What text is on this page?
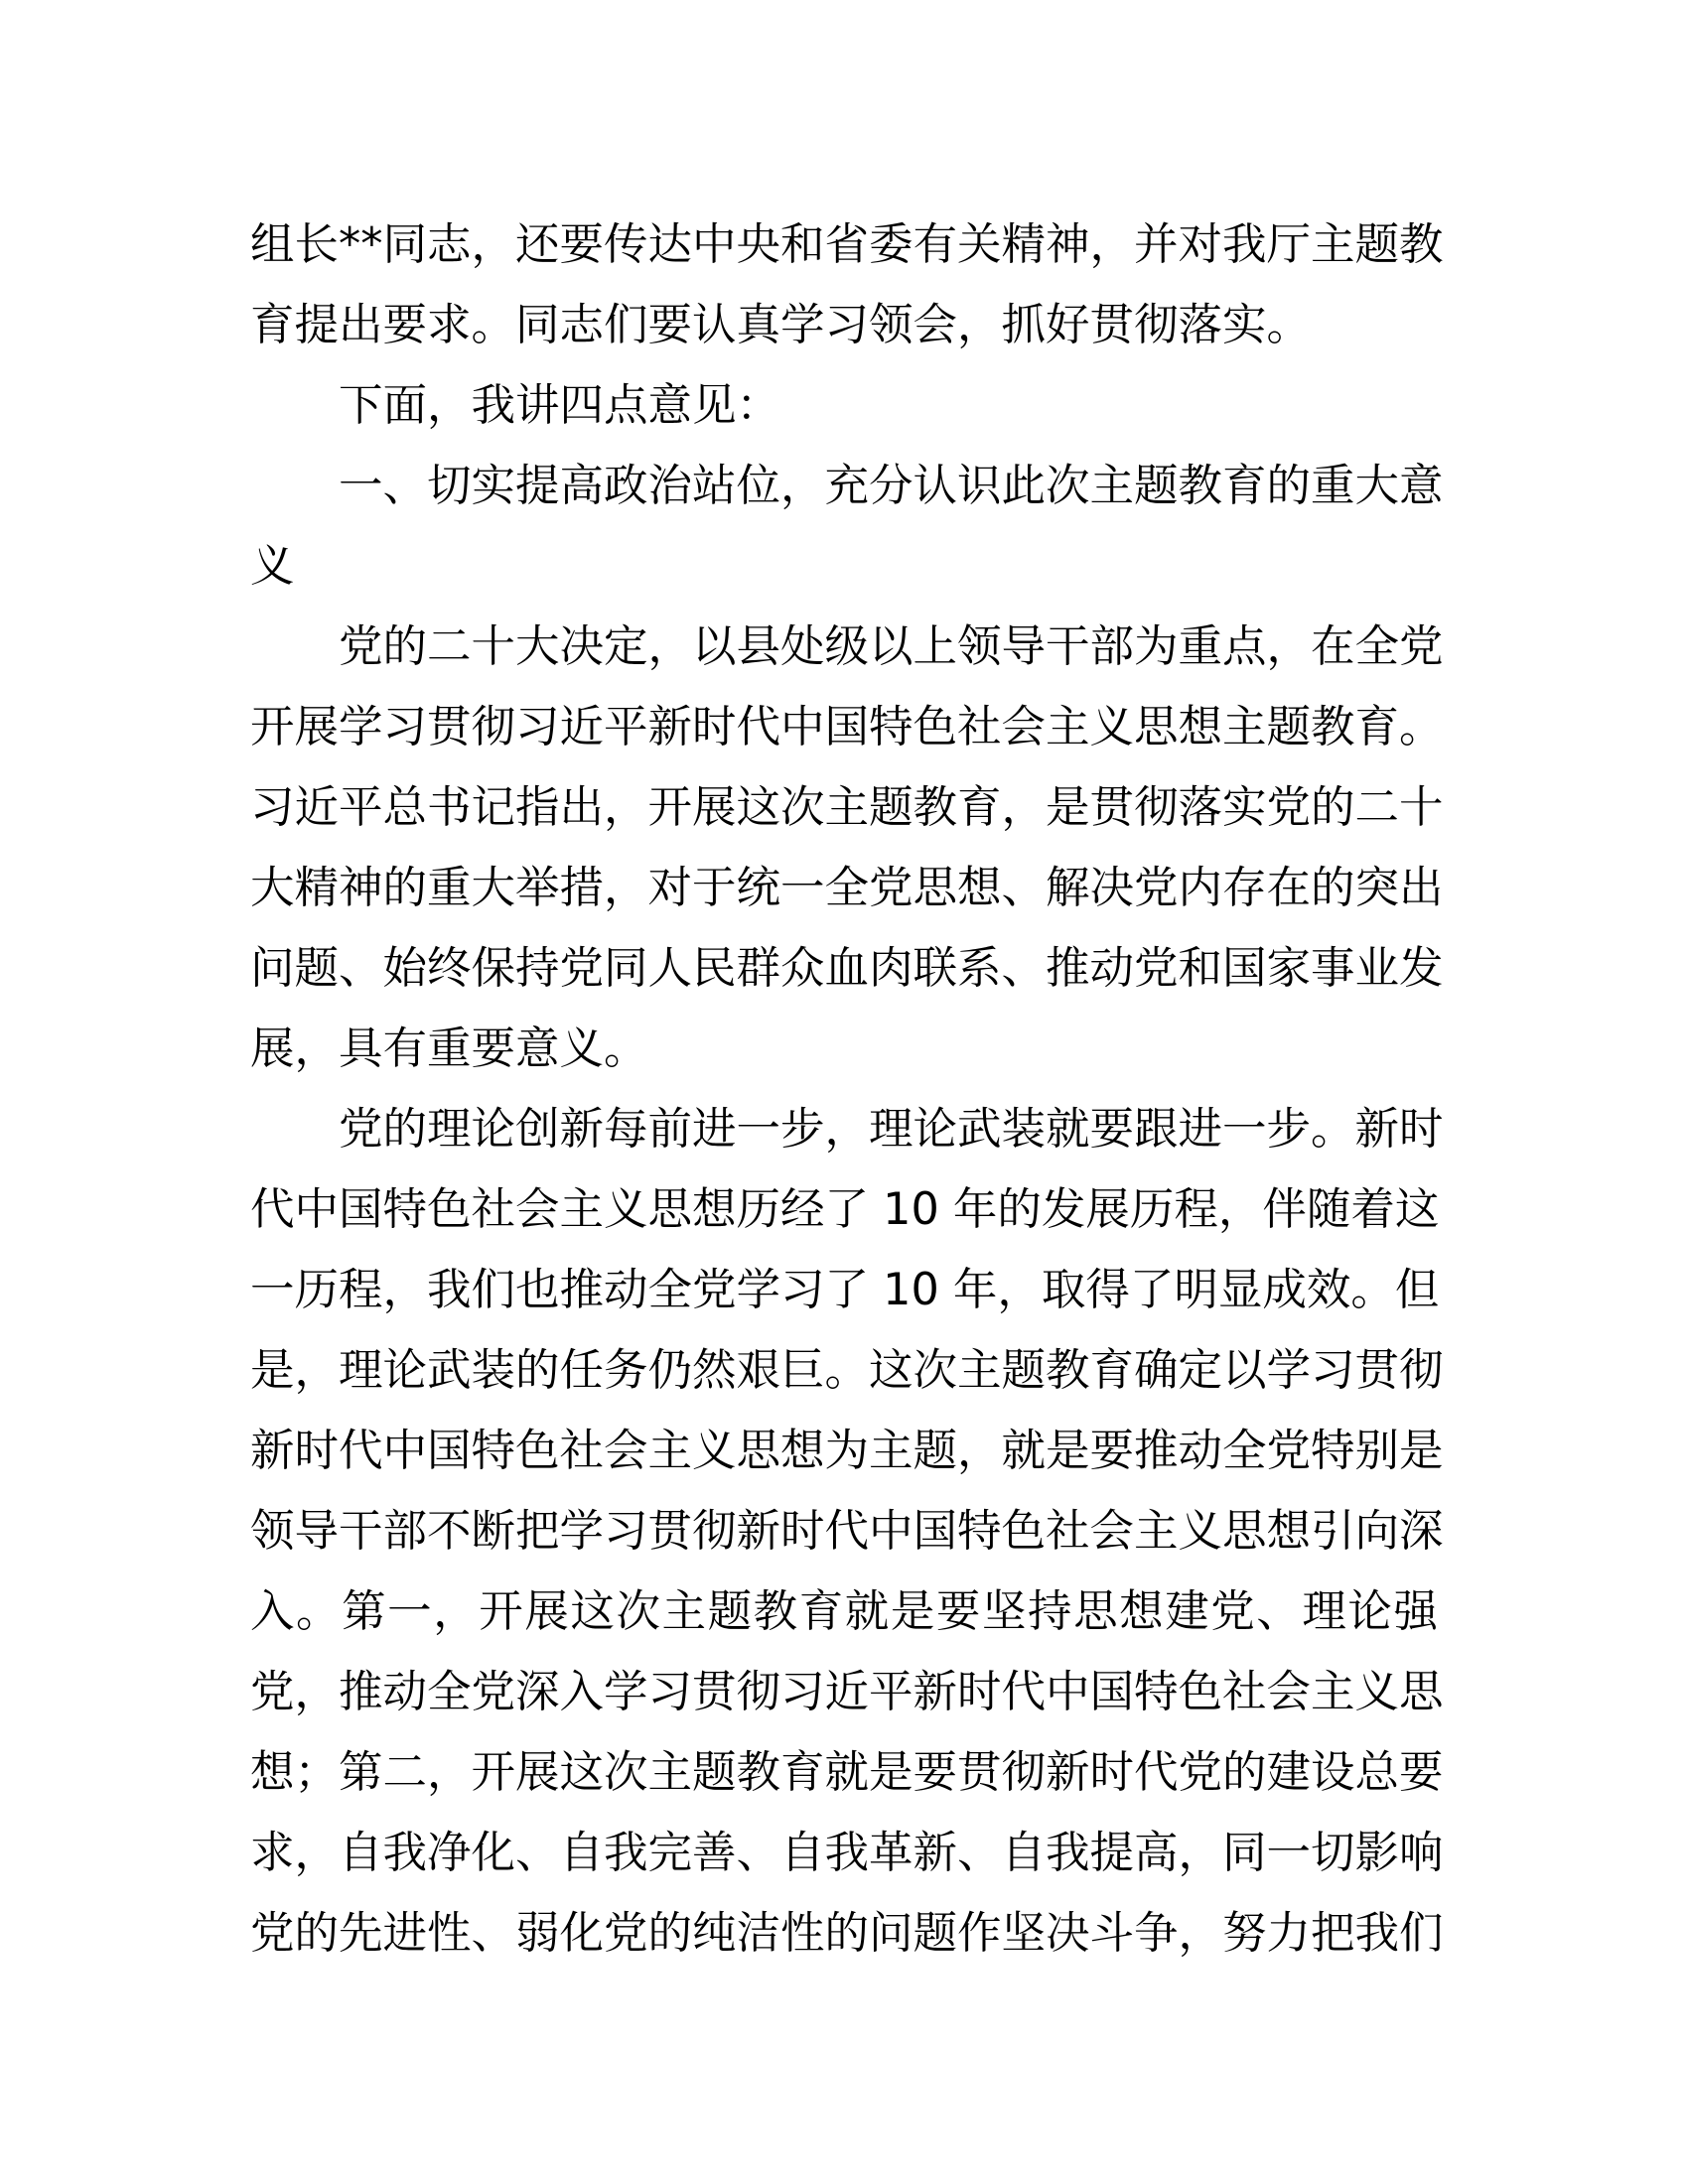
组长**同志，还要传达中央和省委有关精神，并对我厅主题教
育提出要求。同志们要认真学习领会，抓好贯彻落实。
下面，我讲四点意见：
一、切实提高政治站位，充分认识此次主题教育的重大意
义
党的二十大决定，以县处级以上领导干部为重点，在全党
开展学习贯彻习近平新时代中国特色社会主义思想主题教育。
习近平总书记指出，开展这次主题教育，是贯彻落实党的二十
大精神的重大举措，对于统一全党思想、解决党内存在的突出
问题、始终保持党同人民群众血肉联系、推动党和国家事业发
展，具有重要意义。
党的理论创新每前进一步，理论武装就要跟进一步。新时
代中国特色社会主义思想历经了 10 年的发展历程，伴随着这
一历程，我们也推动全党学习了 10 年，取得了明显成效。但
是，理论武装的任务仍然艰巨。这次主题教育确定以学习贯彻
新时代中国特色社会主义思想为主题，就是要推动全党特别是
领导干部不断把学习贯彻新时代中国特色社会主义思想引向深
入。第一，开展这次主题教育就是要坚持思想建党、理论强
党，推动全党深入学习贯彻习近平新时代中国特色社会主义思
想；第二，开展这次主题教育就是要贯彻新时代党的建设总要
求，自我净化、自我完善、自我革新、自我提高，同一切影响
党的先进性、弱化党的纯洁性的问题作坚决斗争，努力把我们
